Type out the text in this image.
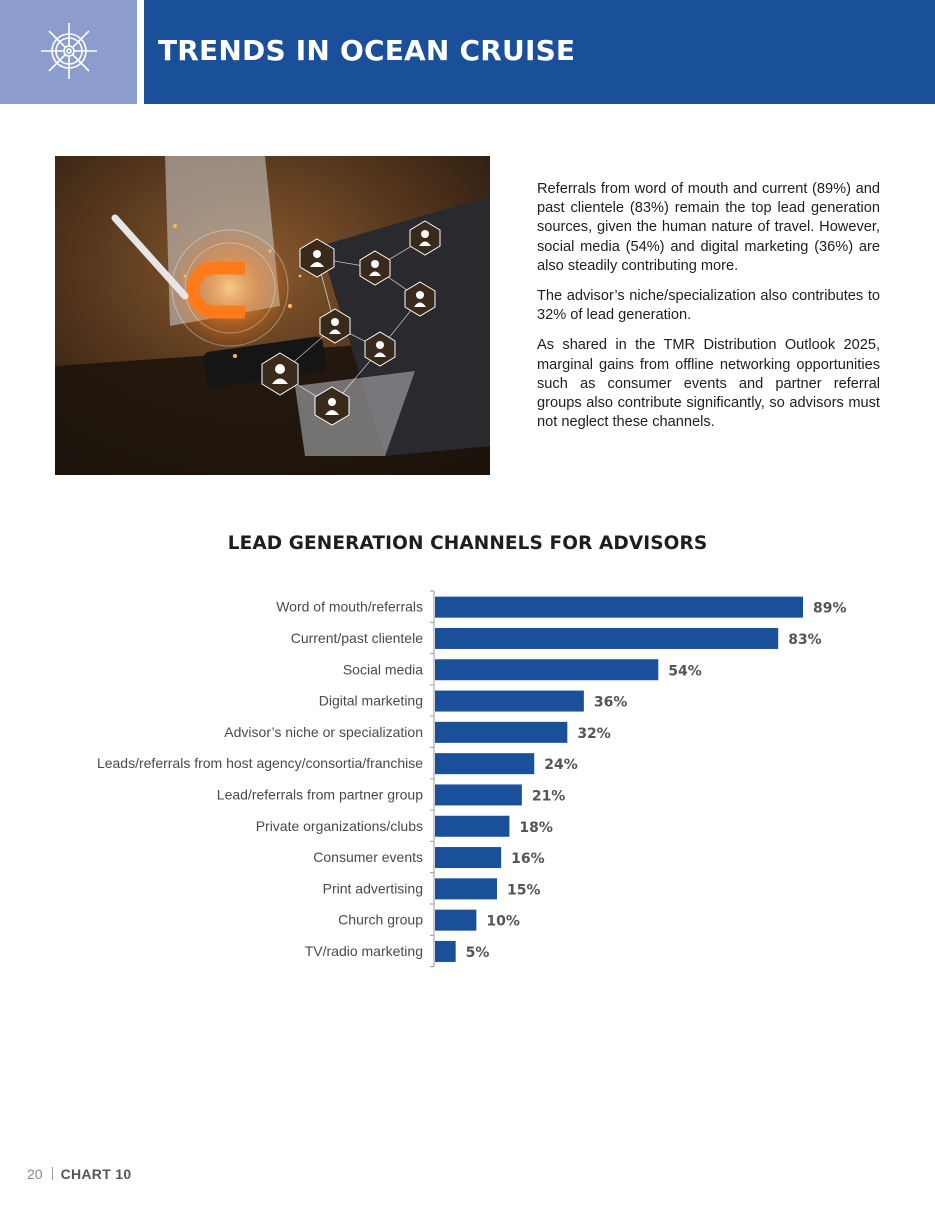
TRENDS IN OCEAN CRUISE

Referrals from word of mouth and current (89%) and past clientele (83%) remain the top lead generation sources, given the human nature of travel. However, social media (54%) and digital marketing (36%) are also steadily contributing more.

The advisor’s niche/specialization also contributes to 32% of lead generation.

As shared in the TMR Distribution Outlook 2025, marginal gains from offline networking opportunities such as consumer events and partner referral groups also contribute significantly, so advisors must not neglect these channels.

LEAD GENERATION CHANNELS FOR ADVISORS
Word of mouth/referrals	89%
Current/past clientele	83%
Social media	54%
Digital marketing	36%
Advisor’s niche or specialization	32%
Leads/referrals from host agency/consortia/franchise	24%
Lead/referrals from partner group	21%
Private organizations/clubs	18%
Consumer events	16%
Print advertising	15%
Church group	10%
TV/radio marketing	5%
20 CHART 10
